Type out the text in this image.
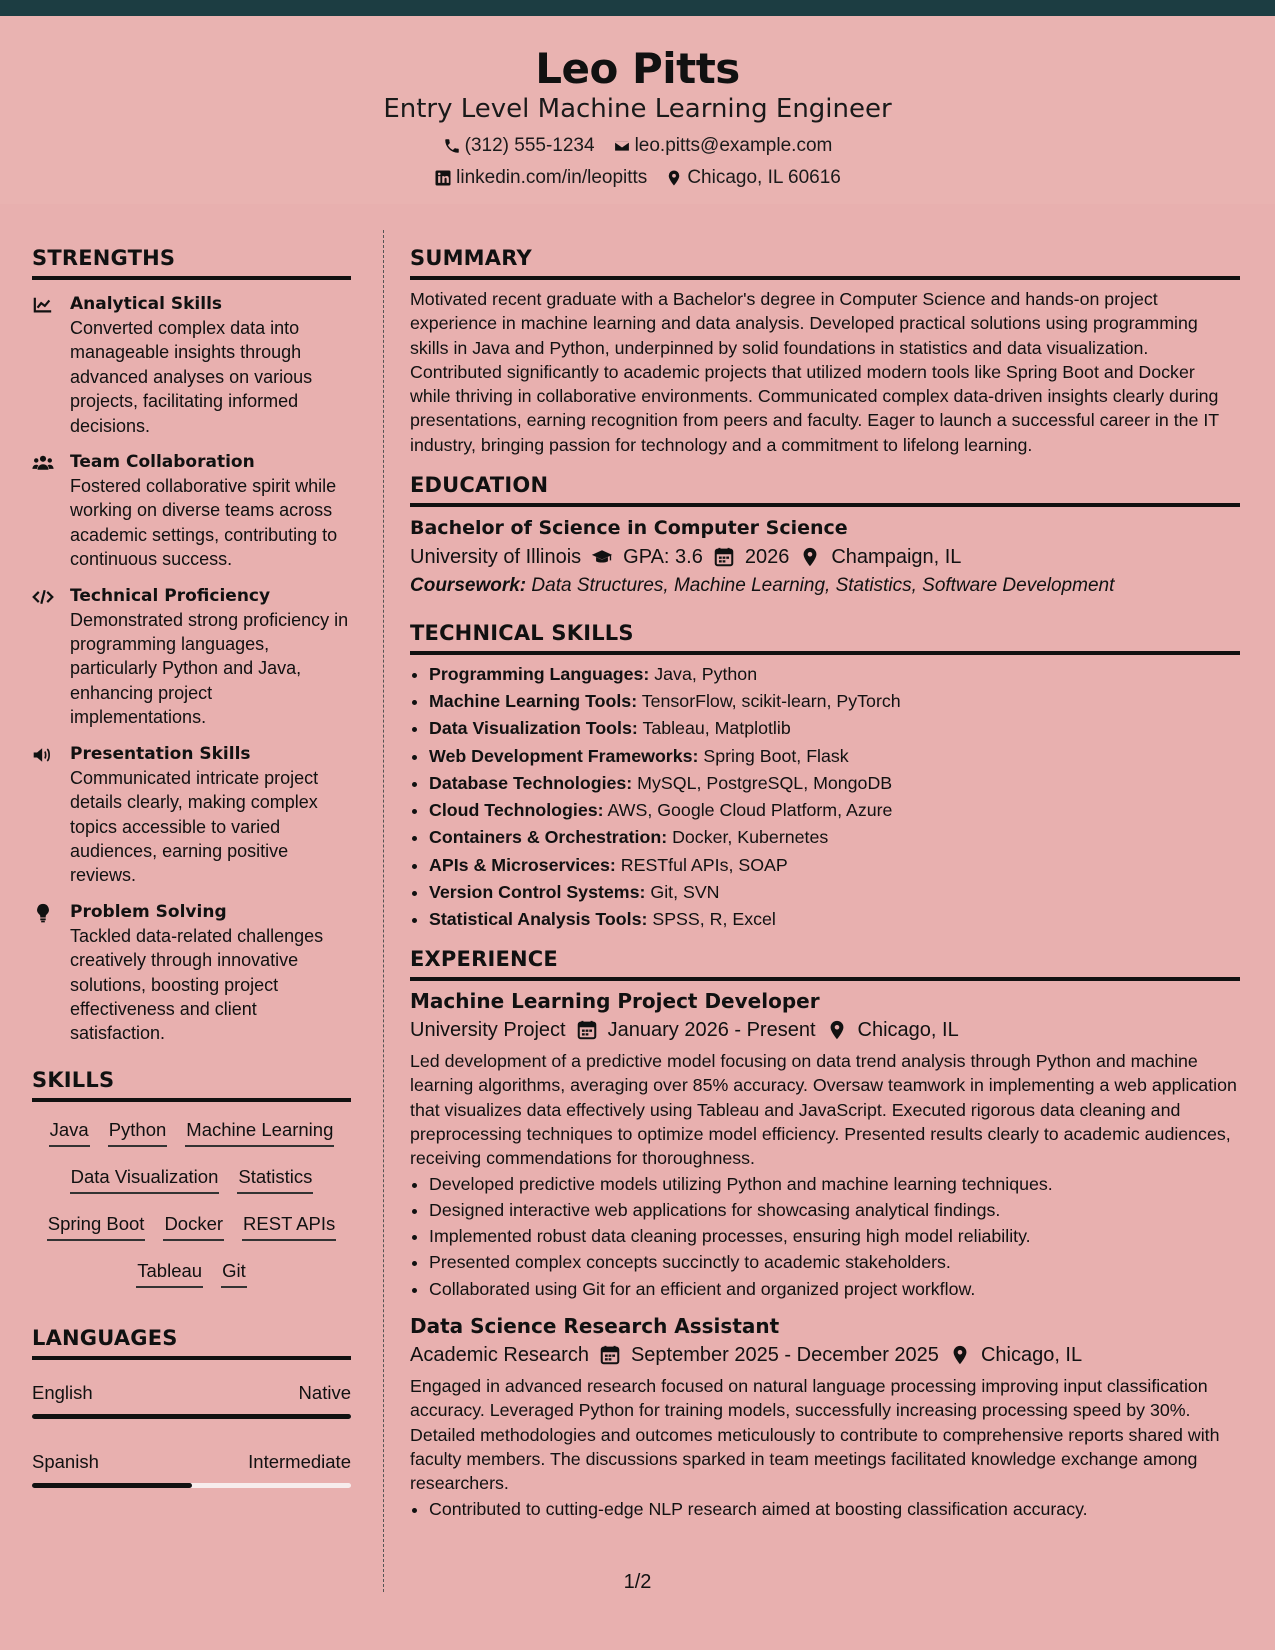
Leo Pitts
Entry Level Machine Learning Engineer
(312) 555-1234 leo.pitts@example.com
linkedin.com/in/leopitts Chicago, IL 60616
STRENGTHS
Analytical Skills
Converted complex data into manageable insights through advanced analyses on various projects, facilitating informed decisions.
Team Collaboration
Fostered collaborative spirit while working on diverse teams across academic settings, contributing to continuous success.
Technical Proficiency
Demonstrated strong proficiency in programming languages, particularly Python and Java, enhancing project implementations.
Presentation Skills
Communicated intricate project details clearly, making complex topics accessible to varied audiences, earning positive reviews.
Problem Solving
Tackled data-related challenges creatively through innovative solutions, boosting project effectiveness and client satisfaction.
SKILLS
Java Python Machine Learning
Data Visualization Statistics
Spring Boot Docker REST APIs
Tableau Git
LANGUAGES
English	Native
Spanish	Intermediate
SUMMARY
Motivated recent graduate with a Bachelor's degree in Computer Science and hands-on project experience in machine learning and data analysis. Developed practical solutions using programming skills in Java and Python, underpinned by solid foundations in statistics and data visualization. Contributed significantly to academic projects that utilized modern tools like Spring Boot and Docker while thriving in collaborative environments. Communicated complex data-driven insights clearly during presentations, earning recognition from peers and faculty. Eager to launch a successful career in the IT industry, bringing passion for technology and a commitment to lifelong learning.
EDUCATION
Bachelor of Science in Computer Science
University of Illinois GPA: 3.6 2026 Champaign, IL
Coursework: Data Structures, Machine Learning, Statistics, Software Development
TECHNICAL SKILLS
• Programming Languages: Java, Python
• Machine Learning Tools: TensorFlow, scikit-learn, PyTorch
• Data Visualization Tools: Tableau, Matplotlib
• Web Development Frameworks: Spring Boot, Flask
• Database Technologies: MySQL, PostgreSQL, MongoDB
• Cloud Technologies: AWS, Google Cloud Platform, Azure
• Containers & Orchestration: Docker, Kubernetes
• APIs & Microservices: RESTful APIs, SOAP
• Version Control Systems: Git, SVN
• Statistical Analysis Tools: SPSS, R, Excel
EXPERIENCE
Machine Learning Project Developer
University Project January 2026 - Present Chicago, IL
Led development of a predictive model focusing on data trend analysis through Python and machine learning algorithms, averaging over 85% accuracy. Oversaw teamwork in implementing a web application that visualizes data effectively using Tableau and JavaScript. Executed rigorous data cleaning and preprocessing techniques to optimize model efficiency. Presented results clearly to academic audiences, receiving commendations for thoroughness.
• Developed predictive models utilizing Python and machine learning techniques.
• Designed interactive web applications for showcasing analytical findings.
• Implemented robust data cleaning processes, ensuring high model reliability.
• Presented complex concepts succinctly to academic stakeholders.
• Collaborated using Git for an efficient and organized project workflow.
Data Science Research Assistant
Academic Research September 2025 - December 2025 Chicago, IL
Engaged in advanced research focused on natural language processing improving input classification accuracy. Leveraged Python for training models, successfully increasing processing speed by 30%. Detailed methodologies and outcomes meticulously to contribute to comprehensive reports shared with faculty members. The discussions sparked in team meetings facilitated knowledge exchange among researchers.
• Contributed to cutting-edge NLP research aimed at boosting classification accuracy.
1/2
